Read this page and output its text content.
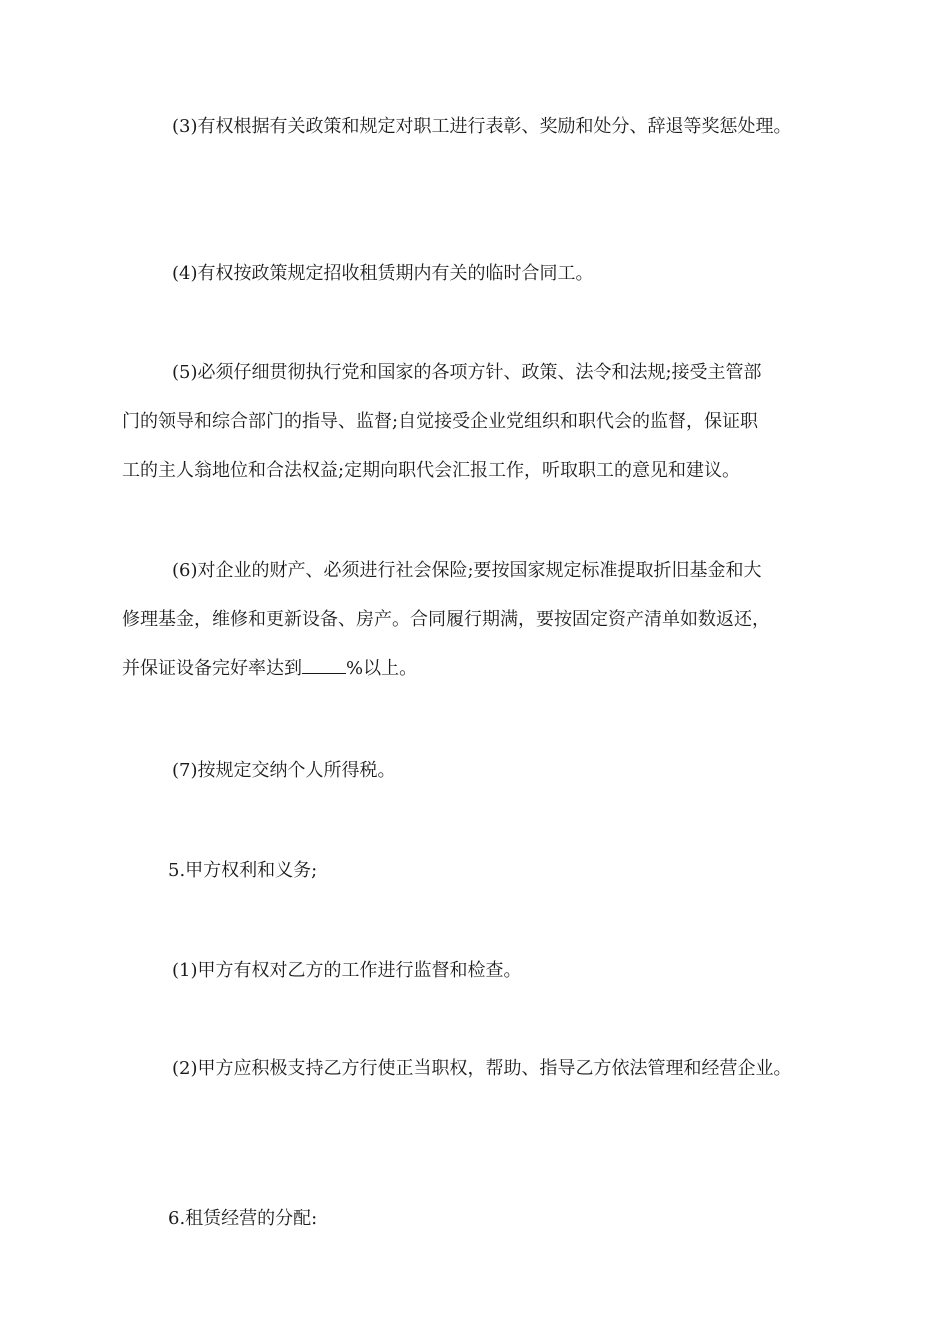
(3)有权根据有关政策和规定对职工进行表彰、奖励和处分、辞退等奖惩处理。

(4)有权按政策规定招收租赁期内有关的临时合同工。

(5)必须仔细贯彻执行党和国家的各项方针、政策、法令和法规;接受主管部
门的领导和综合部门的指导、监督;自觉接受企业党组织和职代会的监督，保证职
工的主人翁地位和合法权益;定期向职代会汇报工作，听取职工的意见和建议。

(6)对企业的财产、必须进行社会保险;要按国家规定标准提取折旧基金和大
修理基金，维修和更新设备、房产。合同履行期满，要按固定资产清单如数返还，
并保证设备完好率达到 %以上。

(7)按规定交纳个人所得税。

5.甲方权利和义务;

(1)甲方有权对乙方的工作进行监督和检查。

(2)甲方应积极支持乙方行使正当职权，帮助、指导乙方依法管理和经营企业。

6.租赁经营的分配:
